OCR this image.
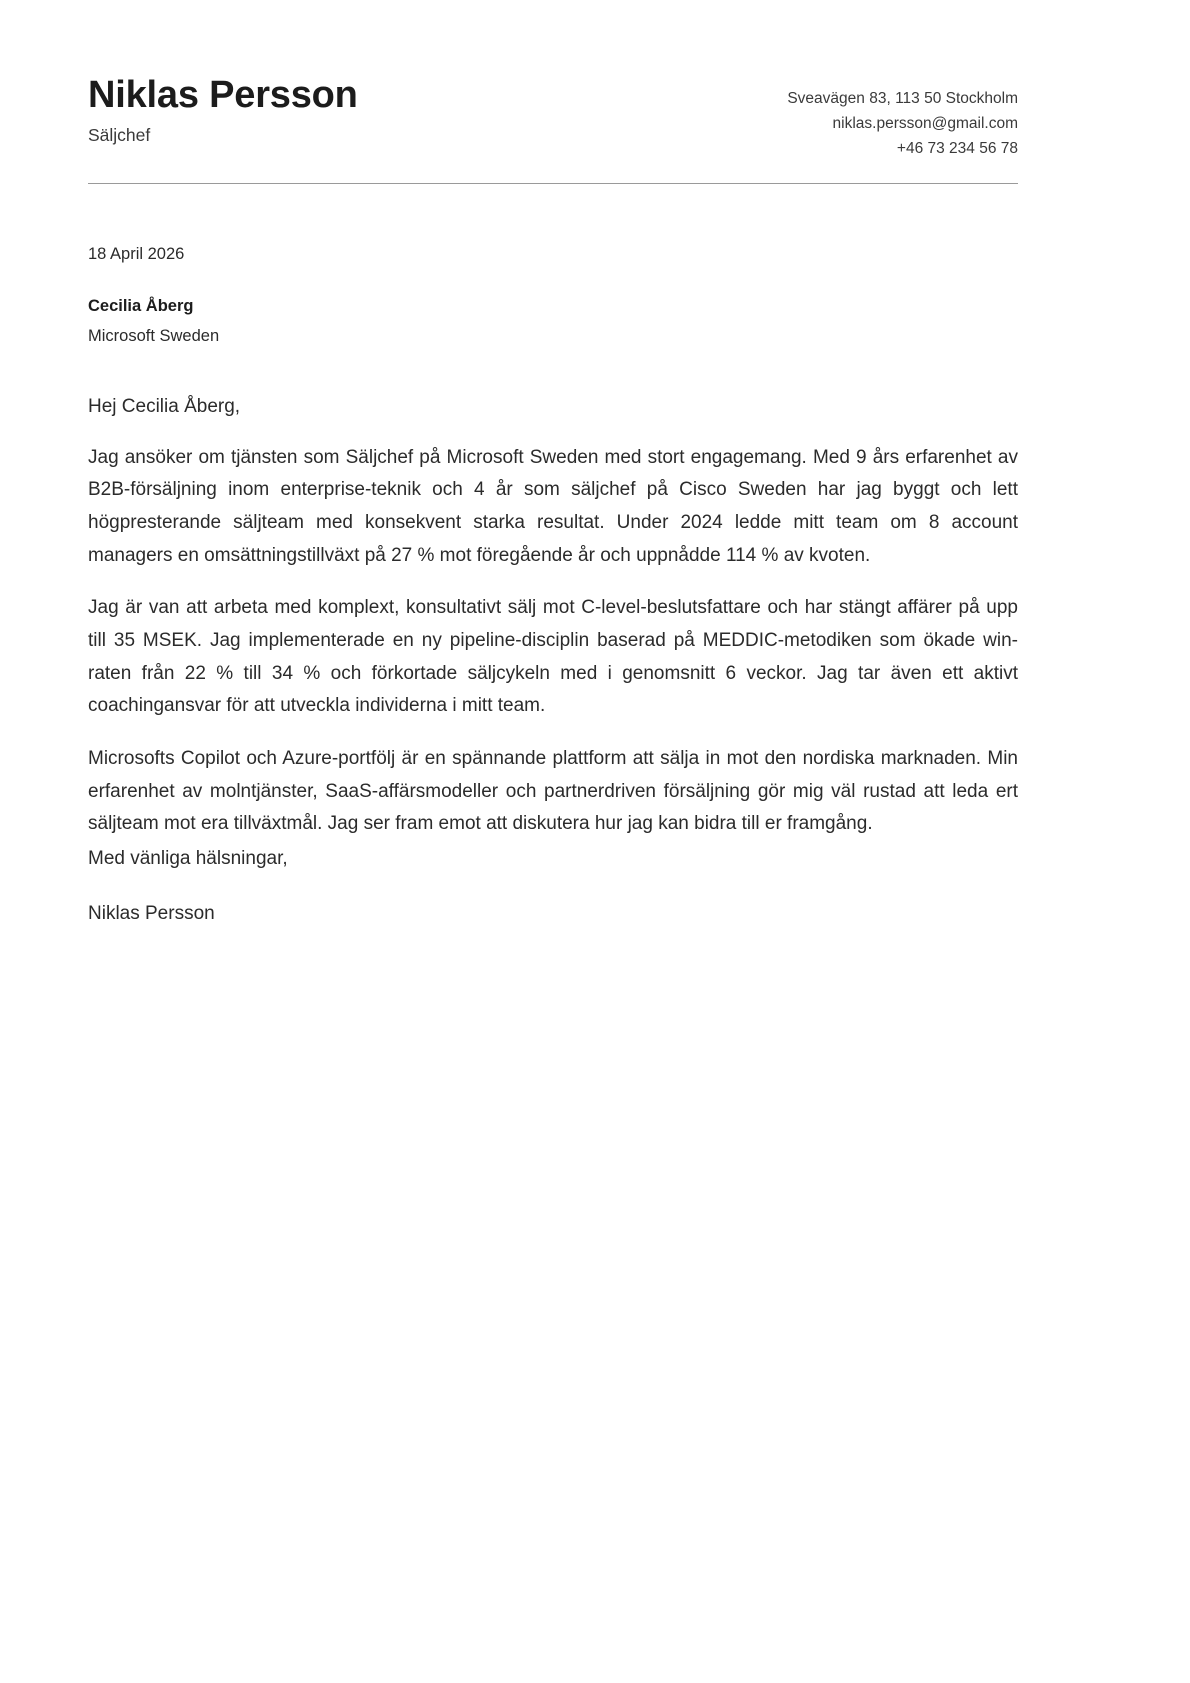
Niklas Persson
Säljchef
Sveavägen 83, 113 50 Stockholm
niklas.persson@gmail.com
+46 73 234 56 78
18 April 2026
Cecilia Åberg
Microsoft Sweden
Hej Cecilia Åberg,

Jag ansöker om tjänsten som Säljchef på Microsoft Sweden med stort engagemang. Med 9 års erfarenhet av B2B-försäljning inom enterprise-teknik och 4 år som säljchef på Cisco Sweden har jag byggt och lett högpresterande säljteam med konsekvent starka resultat. Under 2024 ledde mitt team om 8 account managers en omsättningstillväxt på 27 % mot föregående år och uppnådde 114 % av kvoten.

Jag är van att arbeta med komplext, konsultativt sälj mot C-level-beslutsfattare och har stängt affärer på upp till 35 MSEK. Jag implementerade en ny pipeline-disciplin baserad på MEDDIC-metodiken som ökade win-raten från 22 % till 34 % och förkortade säljcykeln med i genomsnitt 6 veckor. Jag tar även ett aktivt coachingansvar för att utveckla individerna i mitt team.

Microsofts Copilot och Azure-portfölj är en spännande plattform att sälja in mot den nordiska marknaden. Min erfarenhet av molntjänster, SaaS-affärsmodeller och partnerdriven försäljning gör mig väl rustad att leda ert säljteam mot era tillväxtmål. Jag ser fram emot att diskutera hur jag kan bidra till er framgång.

Med vänliga hälsningar,
Niklas Persson
